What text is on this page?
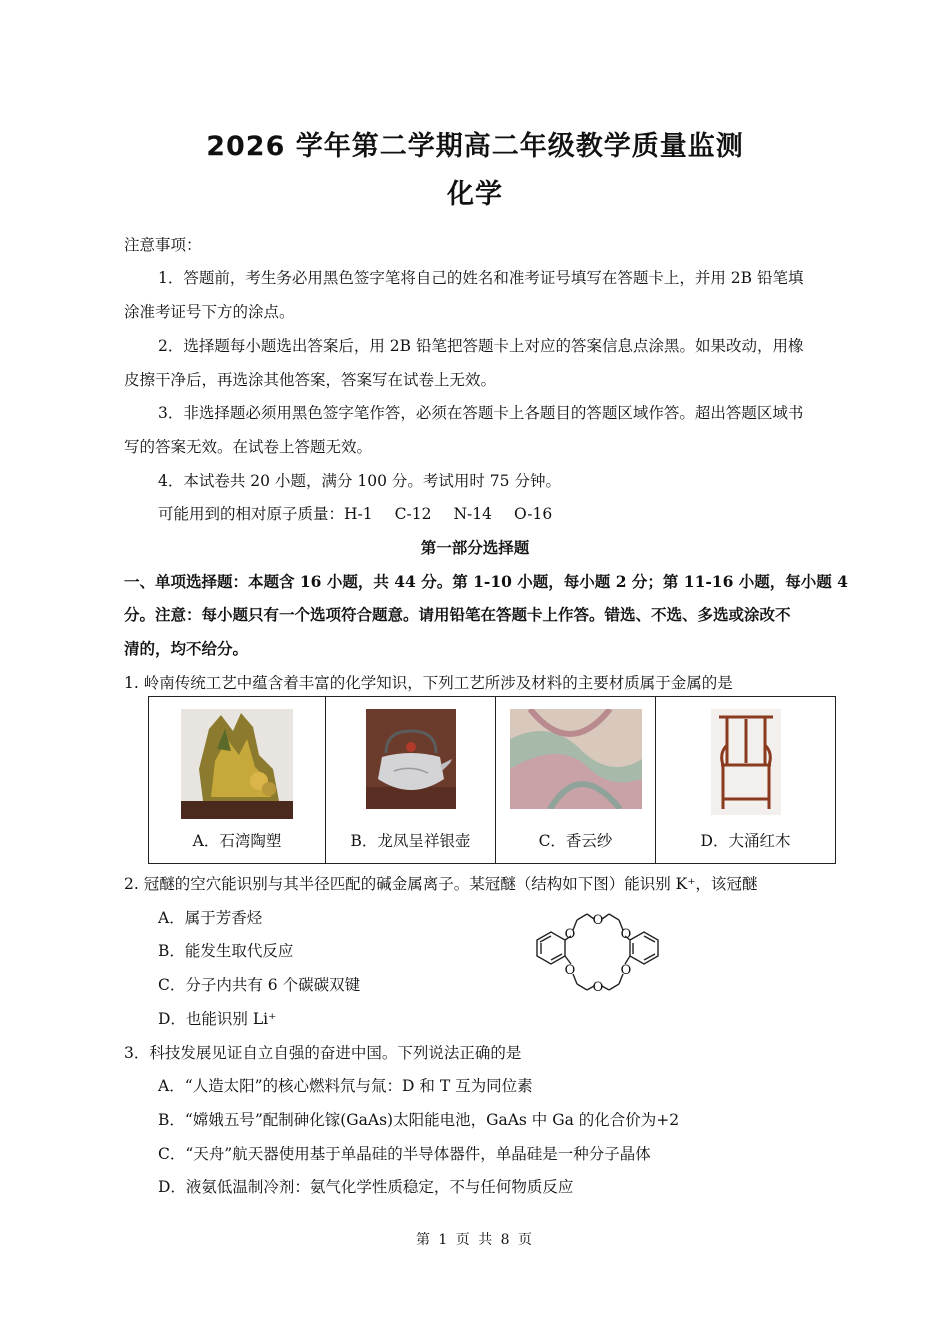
2026 学年第二学期高二年级教学质量监测
化学
注意事项：
1．答题前，考生务必用黑色签字笔将自己的姓名和准考证号填写在答题卡上，并用 2B 铅笔填
涂准考证号下方的涂点。
2．选择题每小题选出答案后，用 2B 铅笔把答题卡上对应的答案信息点涂黑。如果改动，用橡
皮擦干净后，再选涂其他答案，答案写在试卷上无效。
3．非选择题必须用黑色签字笔作答，必须在答题卡上各题目的答题区域作答。超出答题区域书
写的答案无效。在试卷上答题无效。
4．本试卷共 20 小题，满分 100 分。考试用时 75 分钟。
可能用到的相对原子质量：H-1 C-12 N-14 O-16
第一部分选择题
一、单项选择题：本题含 16 小题，共 44 分。第 1-10 小题，每小题 2 分；第 11-16 小题，每小题 4
分。注意：每小题只有一个选项符合题意。请用铅笔在答题卡上作答。错选、不选、多选或涂改不
清的，均不给分。
1. 岭南传统工艺中蕴含着丰富的化学知识，下列工艺所涉及材料的主要材质属于金属的是
A．石湾陶塑	B．龙凤呈祥银壶	C．香云纱	D．大涌红木
2. 冠醚的空穴能识别与其半径匹配的碱金属离子。某冠醚（结构如下图）能识别 K⁺，该冠醚
A．属于芳香烃
B．能发生取代反应
C．分子内共有 6 个碳碳双键
D．也能识别 Li⁺
O
O
O
O
O
O
3．科技发展见证自立自强的奋进中国。下列说法正确的是
A．“人造太阳”的核心燃料氘与氚：D 和 T 互为同位素
B．“嫦娥五号”配制砷化镓(GaAs)太阳能电池，GaAs 中 Ga 的化合价为+2
C．“天舟”航天器使用基于单晶硅的半导体器件，单晶硅是一种分子晶体
D．液氨低温制冷剂：氨气化学性质稳定，不与任何物质反应
第 1 页 共 8 页
